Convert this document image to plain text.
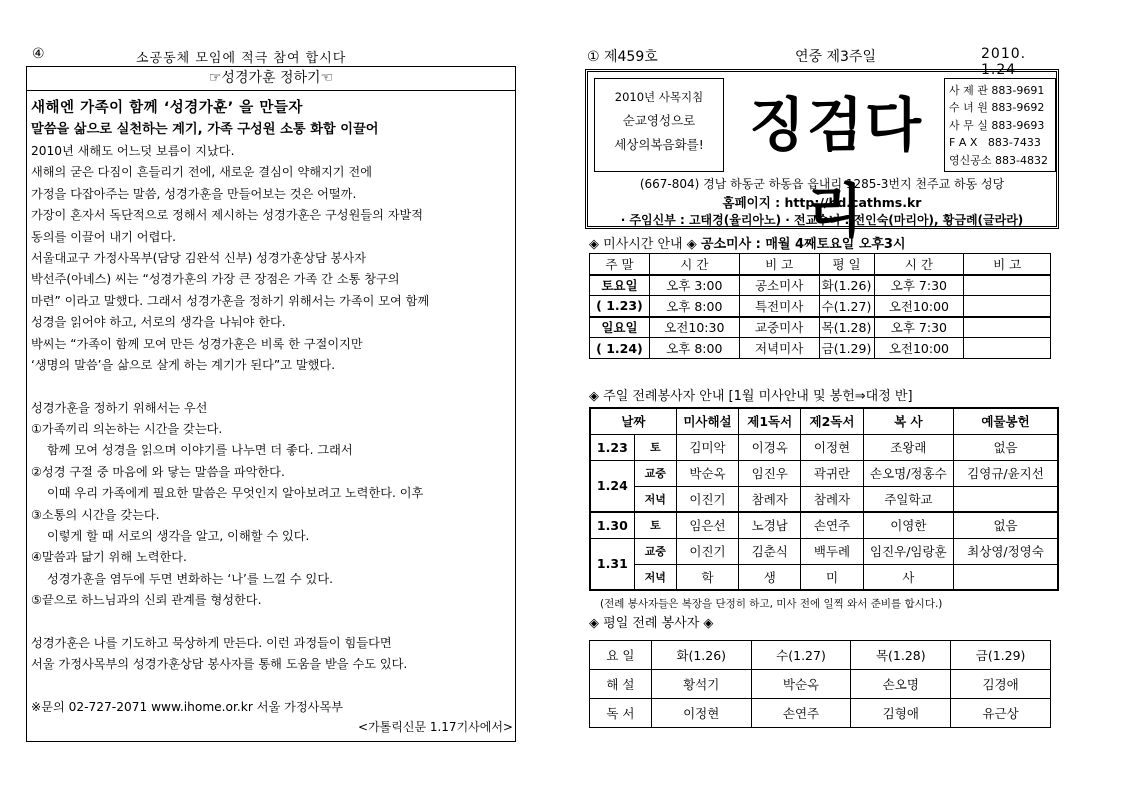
④	소공동체 모임에 적극 참여 합시다
☞성경가훈 정하기☜
새해엔 가족이 함께 ‘성경가훈’ 을 만들자
말씀을 삶으로 실천하는 계기, 가족 구성원 소통 화합 이끌어
2010년 새해도 어느덧 보름이 지났다.
새해의 굳은 다짐이 흔들리기 전에, 새로운 결심이 약해지기 전에
가정을 다잡아주는 말씀, 성경가훈을 만들어보는 것은 어떨까.
가장이 혼자서 독단적으로 정해서 제시하는 성경가훈은 구성원들의 자발적
동의를 이끌어 내기 어렵다.
서울대교구 가정사목부(담당 김완석 신부) 성경가훈상담 봉사자
박선주(아녜스) 씨는 “성경가훈의 가장 큰 장점은 가족 간 소통 창구의
마련” 이라고 말했다. 그래서 성경가훈을 정하기 위해서는 가족이 모여 함께
성경을 읽어야 하고, 서로의 생각을 나눠야 한다.
박씨는 “가족이 함께 모여 만든 성경가훈은 비록 한 구절이지만
‘생명의 말씀’을 삶으로 살게 하는 계기가 된다”고 말했다.
성경가훈을 정하기 위해서는 우선
①가족끼리 의논하는 시간을 갖는다.
함께 모여 성경을 읽으며 이야기를 나누면 더 좋다. 그래서
②성경 구절 중 마음에 와 닿는 말씀을 파악한다.
이때 우리 가족에게 필요한 말씀은 무엇인지 알아보려고 노력한다. 이후
③소통의 시간을 갖는다.
이렇게 할 때 서로의 생각을 알고, 이해할 수 있다.
④말씀과 닮기 위해 노력한다.
성경가훈을 염두에 두면 변화하는 ‘나’를 느낄 수 있다.
⑤끝으로 하느님과의 신뢰 관계를 형성한다.
성경가훈은 나를 기도하고 묵상하게 만든다. 이런 과정들이 힘들다면
서울 가정사목부의 성경가훈상담 봉사자를 통해 도움을 받을 수도 있다.
※문의 02-727-2071 www.ihome.or.kr 서울 가정사목부
<가톨릭신문 1.17기사에서>
① 제459호	연중 제3주일	2010. 1.24
2010년 사목지침
순교영성으로
세상의복음화를! 징검다리
사 제 관 883-9691
수 녀 원 883-9692
사 무 실 883-9693
F A X   883-7433
영신공소 883-4832
(667-804) 경남 하동군 하동읍 읍내리 1285-3번지 천주교 하동 성당
홈페이지 : http://hd.cathms.kr
· 주임신부 : 고태경(율리아노) · 전교수녀 : 전인숙(마리아), 황금례(글라라)
◈ 미사시간 안내 ◈ 공소미사 : 매월 4째토요일 오후3시
주 말	시 간	비 고	평 일	시 간	비 고
토요일	오후 3:00	공소미사	화(1.26)	오후 7:30	
( 1.23)	오후 8:00	특전미사	수(1.27)	오전10:00	
일요일	오전10:30	교중미사	목(1.28)	오후 7:30	
( 1.24)	오후 8:00	저녁미사	금(1.29)	오전10:00	
◈ 주일 전례봉사자 안내 [1월 미사안내 및 봉헌⇒대정 반]
날짜		미사해설	제1독서	제2독서	복 사	예물봉헌
1.23	토	김미악	이경옥	이정현	조왕래	없음
1.24	교중	박순옥	임진우	곽귀란	손오명/정홍수	김영규/윤지선
	저녁	이진기	참례자	참례자	주일학교	
1.30	토	임은선	노경남	손연주	이영한	없음
1.31	교중	이진기	김춘식	백두례	임진우/임랑훈	최상영/정영숙
	저녁	학	생	미	사	
(전례 봉사자들은 복장을 단정히 하고, 미사 전에 일찍 와서 준비를 합시다.)
◈ 평일 전례 봉사자 ◈
요 일	화(1.26)	수(1.27)	목(1.28)	금(1.29)
해 설	황석기	박순옥	손오명	김경애
독 서	이정현	손연주	김형애	유근상
